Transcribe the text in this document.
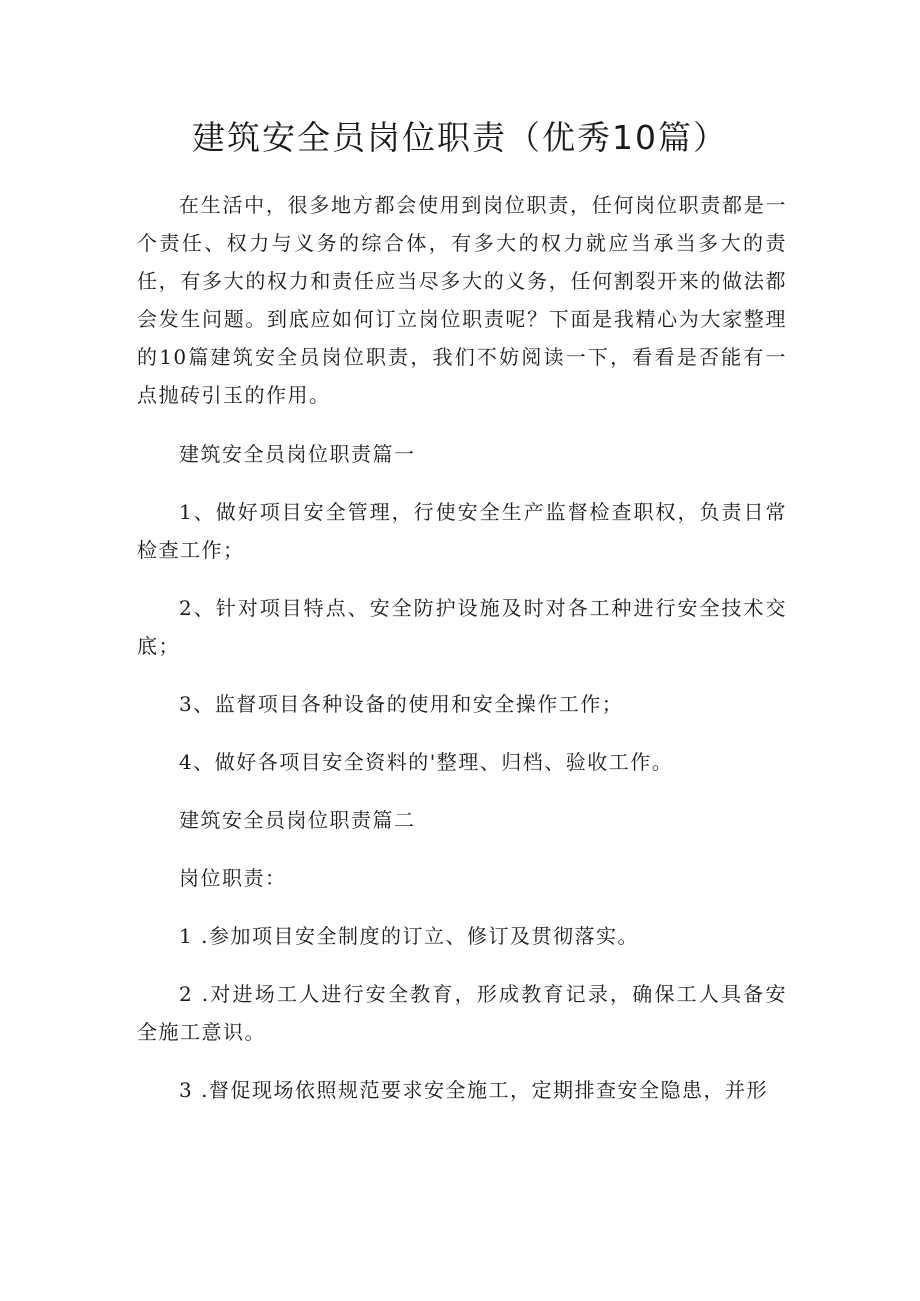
建筑安全员岗位职责（优秀10篇）

在生活中，很多地方都会使用到岗位职责，任何岗位职责都是一个责任、权力与义务的综合体，有多大的权力就应当承当多大的责任，有多大的权力和责任应当尽多大的义务，任何割裂开来的做法都会发生问题。到底应如何订立岗位职责呢？下面是我精心为大家整理的10篇建筑安全员岗位职责，我们不妨阅读一下，看看是否能有一点抛砖引玉的作用。

建筑安全员岗位职责篇一

1、做好项目安全管理，行使安全生产监督检查职权，负责日常检查工作；

2、针对项目特点、安全防护设施及时对各工种进行安全技术交底；

3、监督项目各种设备的使用和安全操作工作；

4、做好各项目安全资料的'整理、归档、验收工作。

建筑安全员岗位职责篇二

岗位职责：

1 .参加项目安全制度的订立、修订及贯彻落实。

2 .对进场工人进行安全教育，形成教育记录，确保工人具备安全施工意识。

3 .督促现场依照规范要求安全施工，定期排查安全隐患，并形
